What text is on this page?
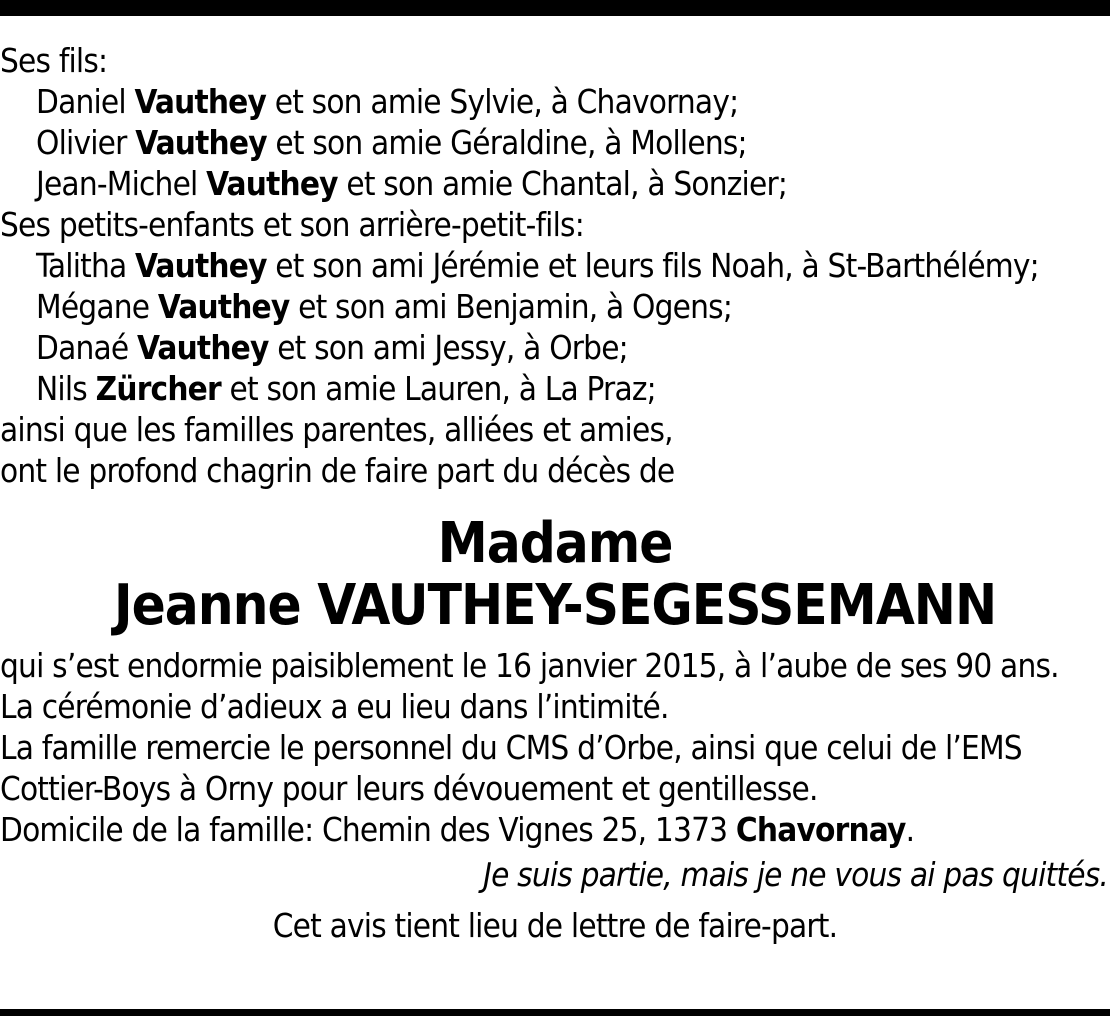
Ses fils:
Daniel Vauthey et son amie Sylvie, à Chavornay;
Olivier Vauthey et son amie Géraldine, à Mollens;
Jean-Michel Vauthey et son amie Chantal, à Sonzier;
Ses petits-enfants et son arrière-petit-fils:
Talitha Vauthey et son ami Jérémie et leurs fils Noah, à St-Barthélémy;
Mégane Vauthey et son ami Benjamin, à Ogens;
Danaé Vauthey et son ami Jessy, à Orbe;
Nils Zürcher et son amie Lauren, à La Praz;
ainsi que les familles parentes, alliées et amies,
ont le profond chagrin de faire part du décès de
Madame
Jeanne VAUTHEY-SEGESSEMANN
qui s’est endormie paisiblement le 16 janvier 2015, à l’aube de ses 90 ans.
La cérémonie d’adieux a eu lieu dans l’intimité.
La famille remercie le personnel du CMS d’Orbe, ainsi que celui de l’EMS
Cottier-Boys à Orny pour leurs dévouement et gentillesse.
Domicile de la famille: Chemin des Vignes 25, 1373 Chavornay.
Je suis partie, mais je ne vous ai pas quittés.
Cet avis tient lieu de lettre de faire-part.
